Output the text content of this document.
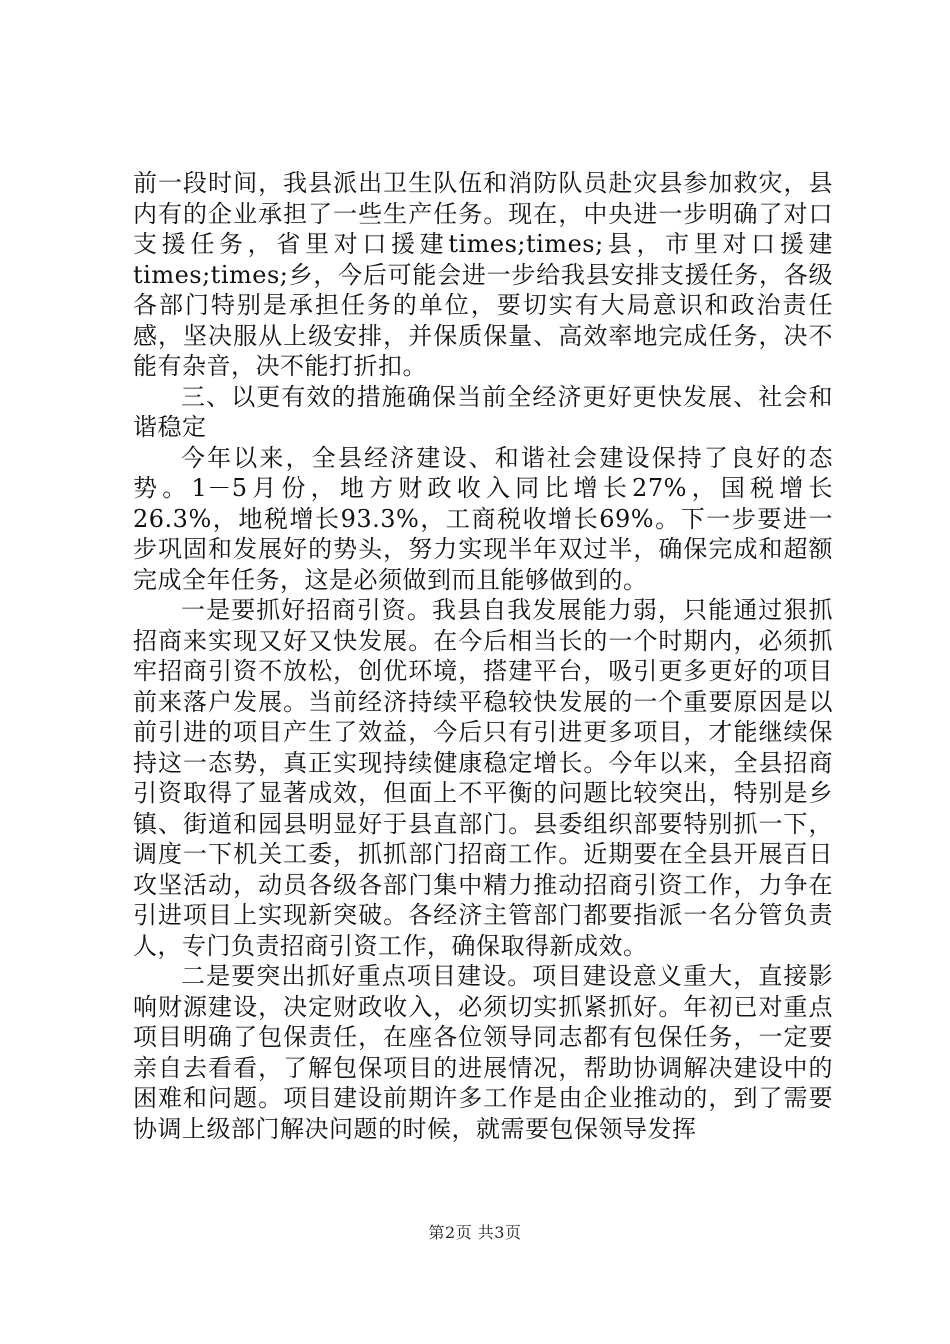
前一段时间，我县派出卫生队伍和消防队员赴灾县参加救灾，县内有的企业承担了一些生产任务。现在，中央进一步明确了对口支援任务，省里对口援建times;times;县，市里对口援建times;times;乡，今后可能会进一步给我县安排支援任务，各级各部门特别是承担任务的单位，要切实有大局意识和政治责任感，坚决服从上级安排，并保质保量、高效率地完成任务，决不能有杂音，决不能打折扣。

三、以更有效的措施确保当前全经济更好更快发展、社会和谐稳定

今年以来，全县经济建设、和谐社会建设保持了良好的态势。1－5月份，地方财政收入同比增长27%，国税增长26.3%，地税增长93.3%，工商税收增长69%。下一步要进一步巩固和发展好的势头，努力实现半年双过半，确保完成和超额完成全年任务，这是必须做到而且能够做到的。

一是要抓好招商引资。我县自我发展能力弱，只能通过狠抓招商来实现又好又快发展。在今后相当长的一个时期内，必须抓牢招商引资不放松，创优环境，搭建平台，吸引更多更好的项目前来落户发展。当前经济持续平稳较快发展的一个重要原因是以前引进的项目产生了效益，今后只有引进更多项目，才能继续保持这一态势，真正实现持续健康稳定增长。今年以来，全县招商引资取得了显著成效，但面上不平衡的问题比较突出，特别是乡镇、街道和园县明显好于县直部门。县委组织部要特别抓一下，调度一下机关工委，抓抓部门招商工作。近期要在全县开展百日攻坚活动，动员各级各部门集中精力推动招商引资工作，力争在引进项目上实现新突破。各经济主管部门都要指派一名分管负责人，专门负责招商引资工作，确保取得新成效。

二是要突出抓好重点项目建设。项目建设意义重大，直接影响财源建设，决定财政收入，必须切实抓紧抓好。年初已对重点项目明确了包保责任，在座各位领导同志都有包保任务，一定要亲自去看看，了解包保项目的进展情况，帮助协调解决建设中的困难和问题。项目建设前期许多工作是由企业推动的，到了需要协调上级部门解决问题的时候，就需要包保领导发挥

第2页 共3页
